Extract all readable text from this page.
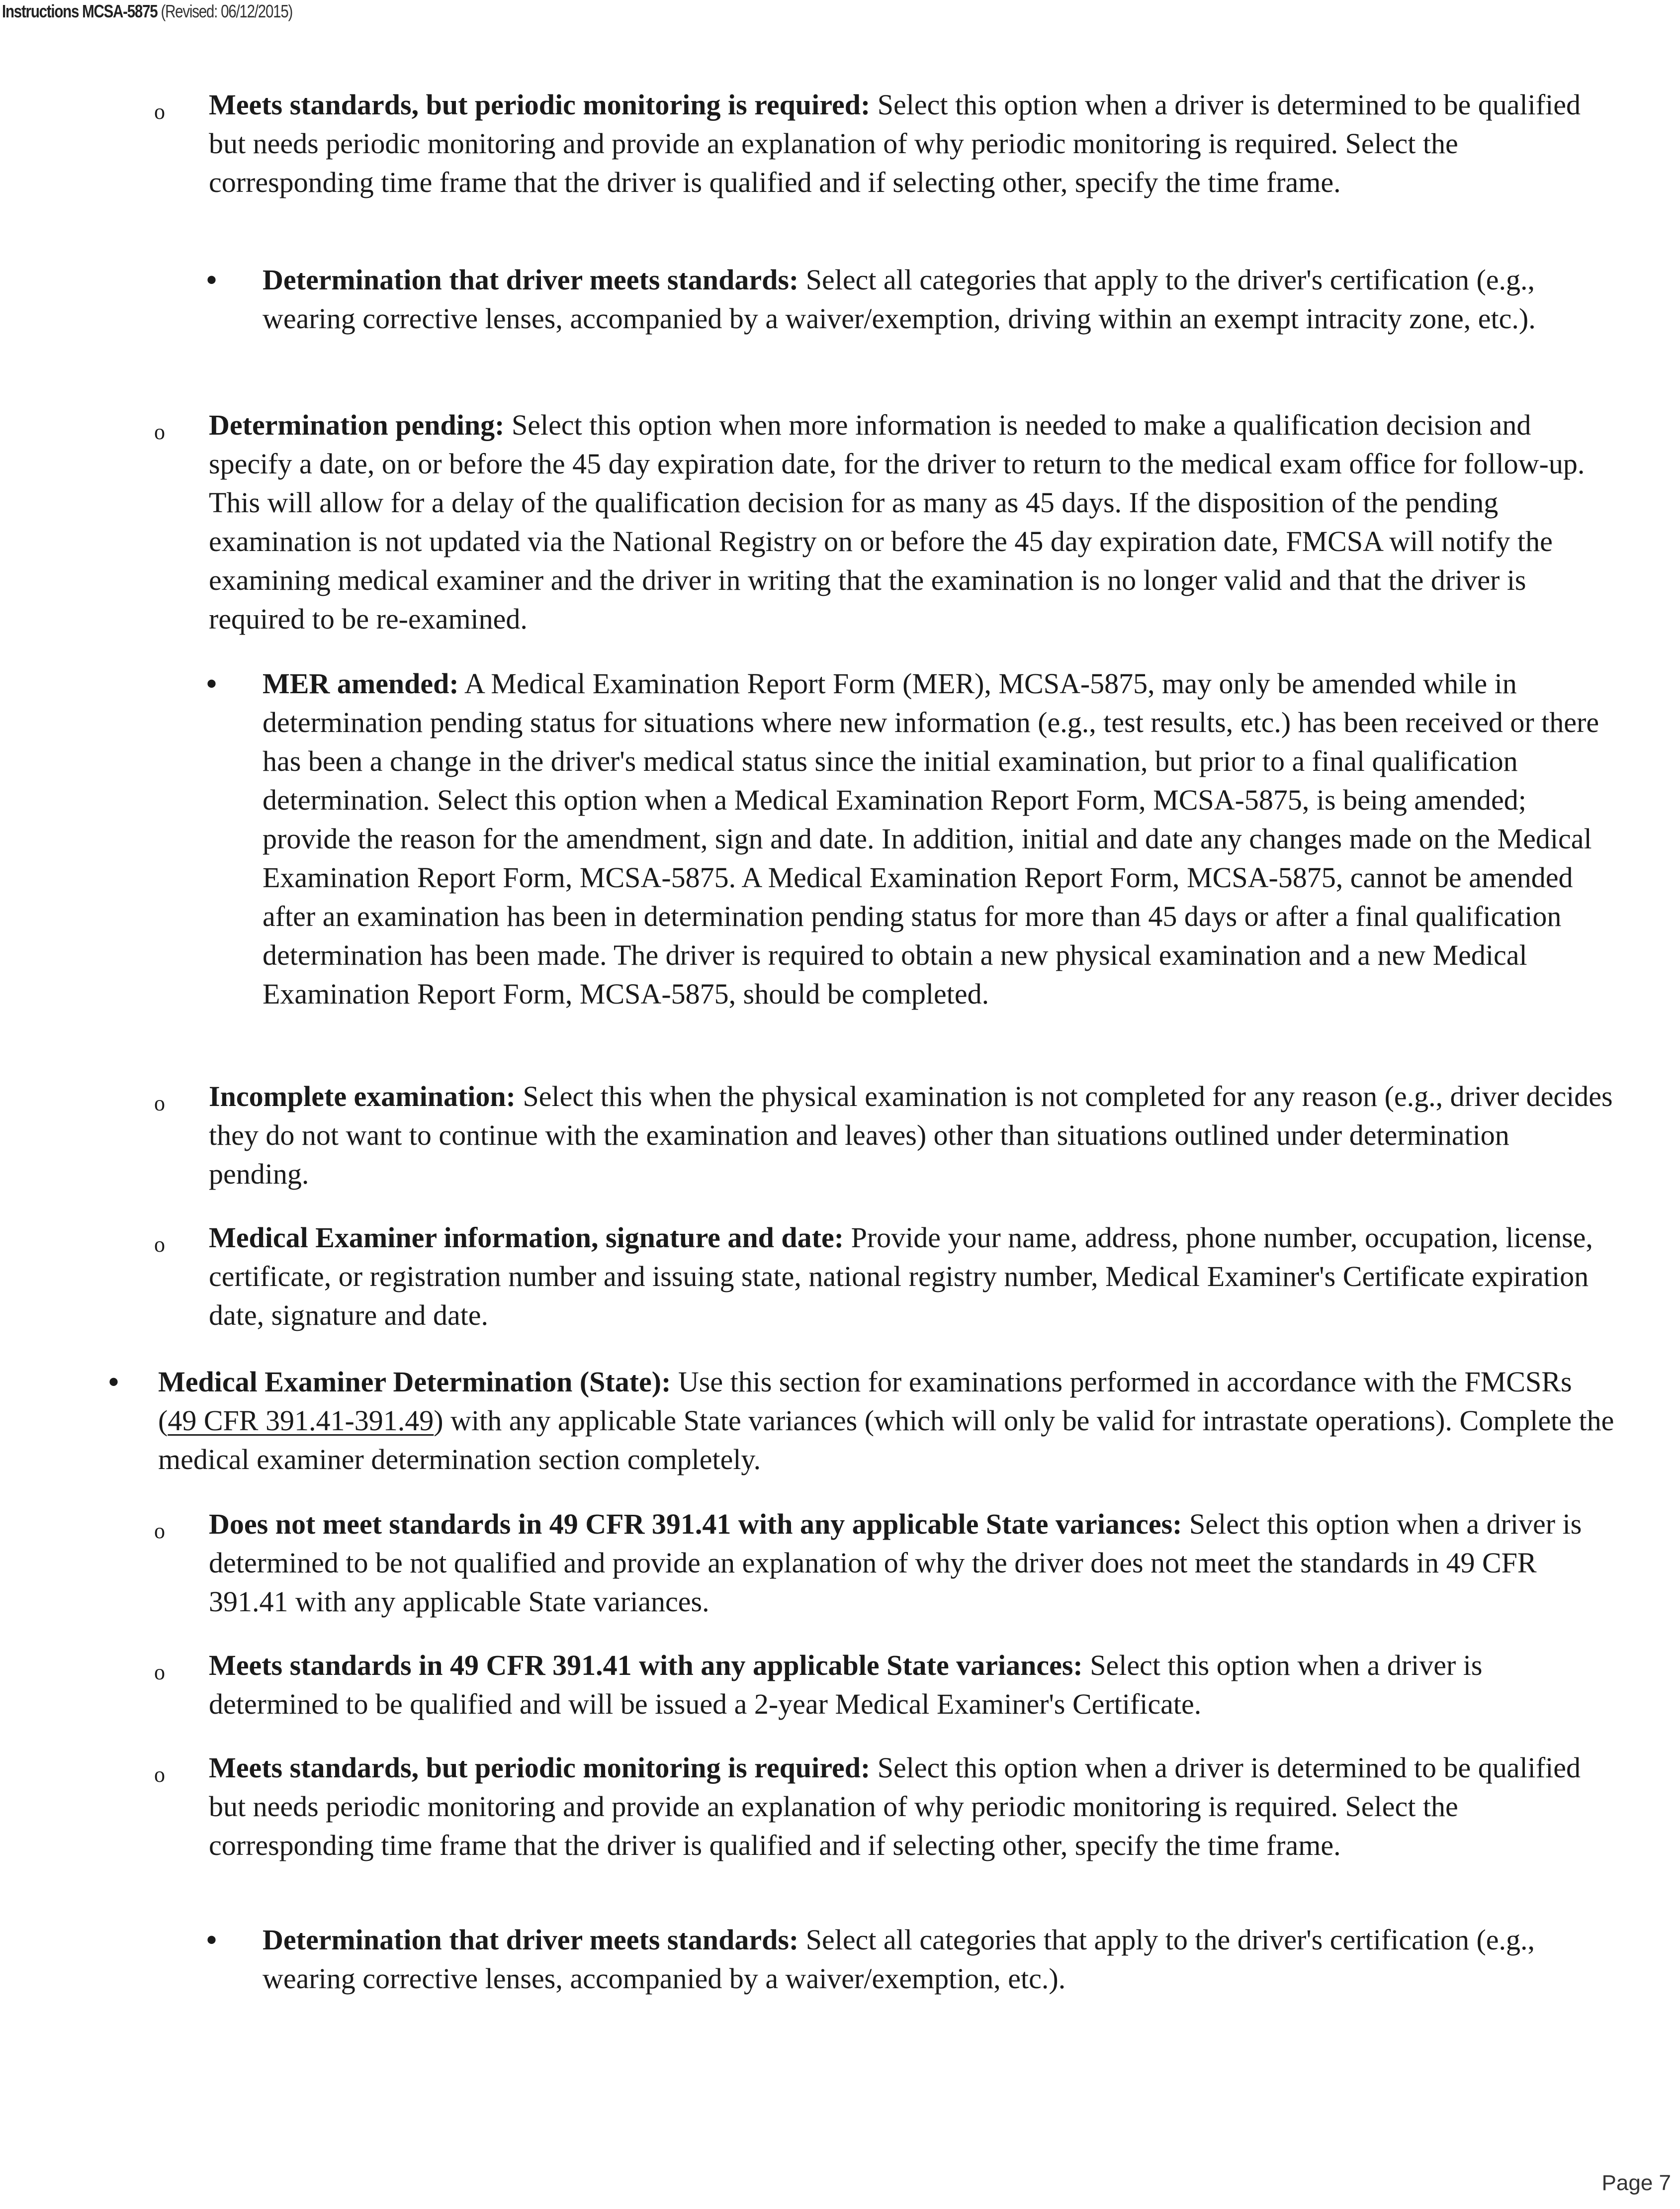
Instructions MCSA-5875 (Revised: 06/12/2015)
o Meets standards, but periodic monitoring is required: Select this option when a driver is determined to be qualified but needs periodic monitoring and provide an explanation of why periodic monitoring is required. Select the corresponding time frame that the driver is qualified and if selecting other, specify the time frame.
• Determination that driver meets standards: Select all categories that apply to the driver's certification (e.g., wearing corrective lenses, accompanied by a waiver/exemption, driving within an exempt intracity zone, etc.).
o Determination pending: Select this option when more information is needed to make a qualification decision and specify a date, on or before the 45 day expiration date, for the driver to return to the medical exam office for follow-up. This will allow for a delay of the qualification decision for as many as 45 days. If the disposition of the pending examination is not updated via the National Registry on or before the 45 day expiration date, FMCSA will notify the examining medical examiner and the driver in writing that the examination is no longer valid and that the driver is required to be re-examined.
• MER amended: A Medical Examination Report Form (MER), MCSA-5875, may only be amended while in determination pending status for situations where new information (e.g., test results, etc.) has been received or there has been a change in the driver's medical status since the initial examination, but prior to a final qualification determination. Select this option when a Medical Examination Report Form, MCSA-5875, is being amended; provide the reason for the amendment, sign and date. In addition, initial and date any changes made on the Medical Examination Report Form, MCSA-5875. A Medical Examination Report Form, MCSA-5875, cannot be amended after an examination has been in determination pending status for more than 45 days or after a final qualification determination has been made. The driver is required to obtain a new physical examination and a new Medical Examination Report Form, MCSA-5875, should be completed.
o Incomplete examination: Select this when the physical examination is not completed for any reason (e.g., driver decides they do not want to continue with the examination and leaves) other than situations outlined under determination pending.
o Medical Examiner information, signature and date: Provide your name, address, phone number, occupation, license, certificate, or registration number and issuing state, national registry number, Medical Examiner's Certificate expiration date, signature and date.
• Medical Examiner Determination (State): Use this section for examinations performed in accordance with the FMCSRs (49 CFR 391.41-391.49) with any applicable State variances (which will only be valid for intrastate operations). Complete the medical examiner determination section completely.
o Does not meet standards in 49 CFR 391.41 with any applicable State variances: Select this option when a driver is determined to be not qualified and provide an explanation of why the driver does not meet the standards in 49 CFR 391.41 with any applicable State variances.
o Meets standards in 49 CFR 391.41 with any applicable State variances: Select this option when a driver is determined to be qualified and will be issued a 2-year Medical Examiner's Certificate.
o Meets standards, but periodic monitoring is required: Select this option when a driver is determined to be qualified but needs periodic monitoring and provide an explanation of why periodic monitoring is required. Select the corresponding time frame that the driver is qualified and if selecting other, specify the time frame.
• Determination that driver meets standards: Select all categories that apply to the driver's certification (e.g., wearing corrective lenses, accompanied by a waiver/exemption, etc.).
Page 7
